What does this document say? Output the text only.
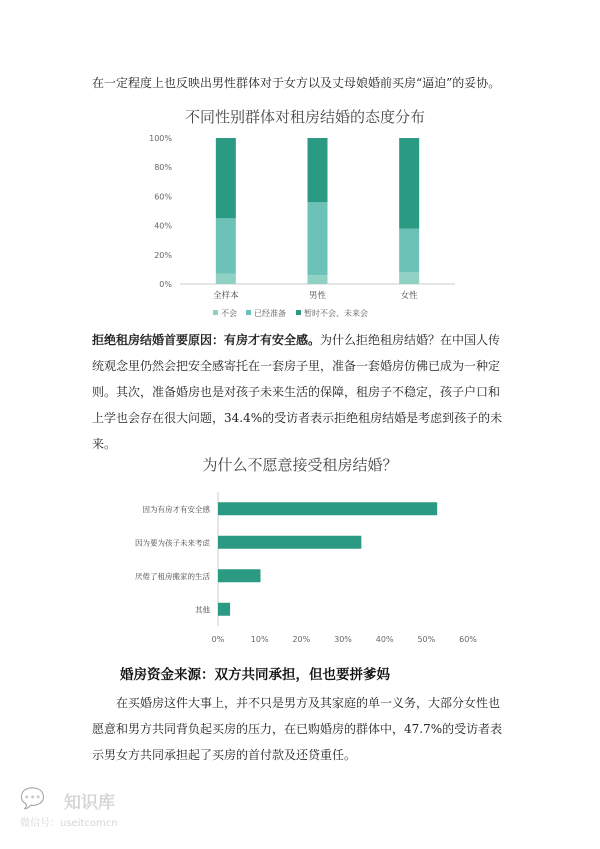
在一定程度上也反映出男性群体对于女方以及丈母娘婚前买房“逼迫”的妥协。

不同性别群体对租房结婚的态度分布
0%
20%
40%
60%
80%
100%
全样本	男性	女性
不会 已经准备 暂时不会、未来会

拒绝租房结婚首要原因：有房才有安全感。为什么拒绝租房结婚？在中国人传统观念里仍然会把安全感寄托在一套房子里，准备一套婚房仿佛已成为一种定则。其次，准备婚房也是对孩子未来生活的保障，租房子不稳定，孩子户口和上学也会存在很大问题，34.4%的受访者表示拒绝租房结婚是考虑到孩子的未来。

为什么不愿意接受租房结婚？
0%	10%	20%	30%	40%	50%	60%
因为有房才有安全感
因为要为孩子未来考虑
厌倦了租房搬家的生活
其他
婚房资金来源：双方共同承担，但也要拼爹妈

在买婚房这件大事上，并不只是男方及其家庭的单一义务，大部分女性也愿意和男方共同背负起买房的压力，在已购婚房的群体中，47.7%的受访者表示男女方共同承担起了买房的首付款及还贷重任。

💬 知识库
微信号：useitcomcn
